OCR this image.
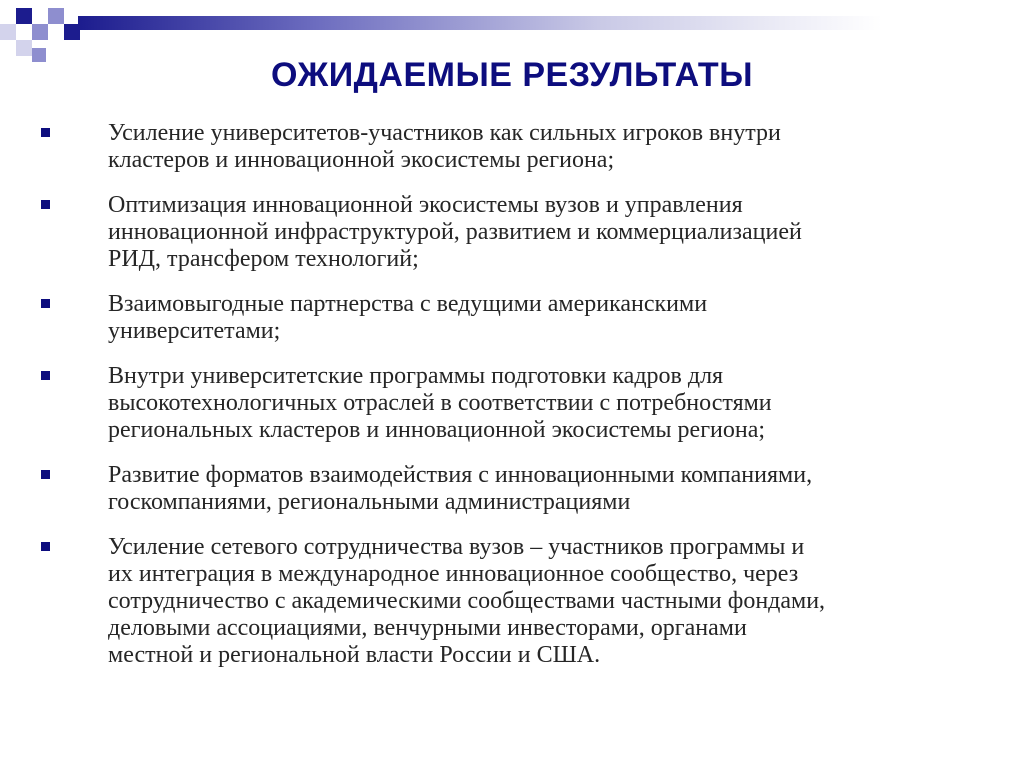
ОЖИДАЕМЫЕ РЕЗУЛЬТАТЫ
Усиление университетов-участников как сильных игроков внутри
кластеров и инновационной экосистемы региона;
Оптимизация инновационной экосистемы вузов и управления
инновационной инфраструктурой, развитием и коммерциализацией
РИД, трансфером технологий;
Взаимовыгодные партнерства с ведущими американскими
университетами;
Внутри университетские программы подготовки кадров для
высокотехнологичных отраслей в соответствии с потребностями
региональных кластеров и инновационной экосистемы региона;
Развитие форматов взаимодействия с инновационными компаниями,
госкомпаниями, региональными администрациями
Усиление сетевого сотрудничества вузов – участников программы и
их интеграция в международное инновационное сообщество, через
сотрудничество с академическими сообществами частными фондами,
деловыми ассоциациями, венчурными инвесторами, органами
местной и региональной власти России и США.
